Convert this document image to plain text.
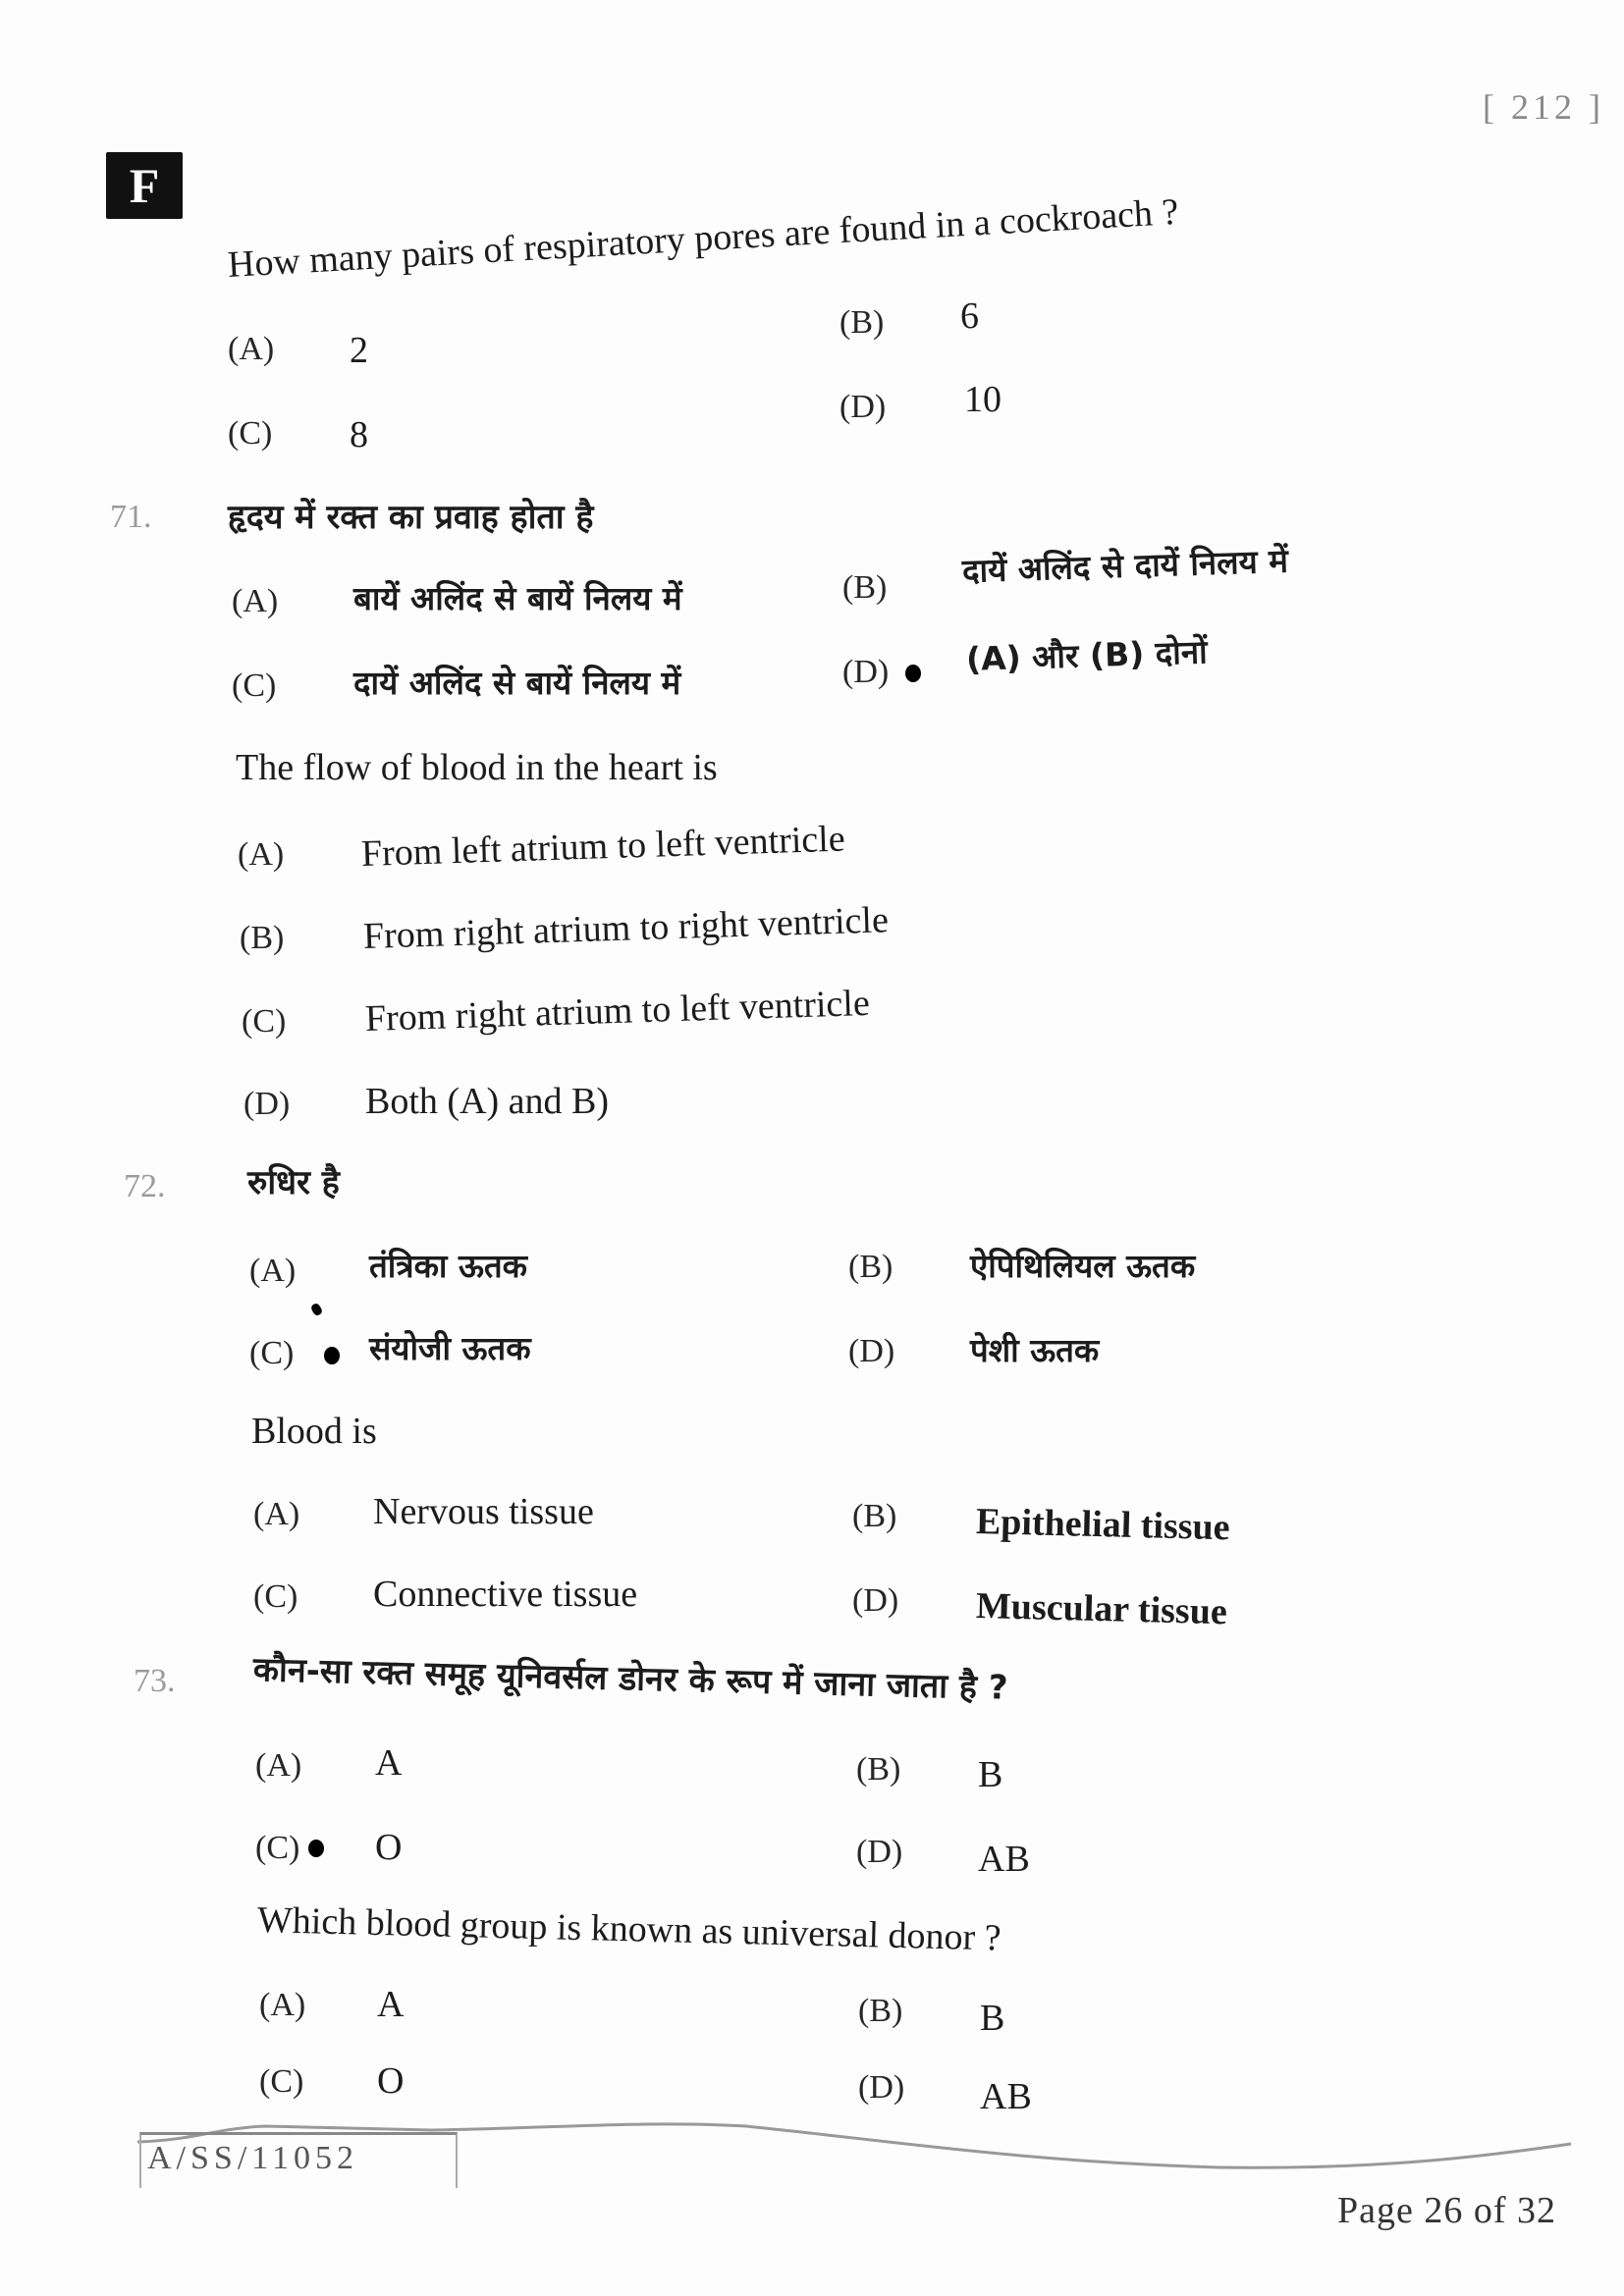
[ 212 ]
F
How many pairs of respiratory pores are found in a cockroach ?
(A) 2
(B) 6
(C) 8
(D) 10
71. हृदय में रक्त का प्रवाह होता है
(A) बायें अलिंद से बायें निलय में	(B) दायें अलिंद से दायें निलय में
(C) दायें अलिंद से बायें निलय में	(D) (A) और (B) दोनों
The flow of blood in the heart is
(A) From left atrium to left ventricle
(B) From right atrium to right ventricle
(C) From right atrium to left ventricle
(D) Both (A) and B)
72. रुधिर है
(A) तंत्रिका ऊतक	(B) ऐपिथिलियल ऊतक
(C) संयोजी ऊतक	(D) पेशी ऊतक
Blood is
(A) Nervous tissue	(B) Epithelial tissue
(C) Connective tissue	(D) Muscular tissue
73. कौन-सा रक्त समूह यूनिवर्सल डोनर के रूप में जाना जाता है ?
(A) A	(B) B
(C) O	(D) AB
Which blood group is known as universal donor ?
(A) A	(B) B
(C) O	(D) AB
A/SS/11052
Page 26 of 32
